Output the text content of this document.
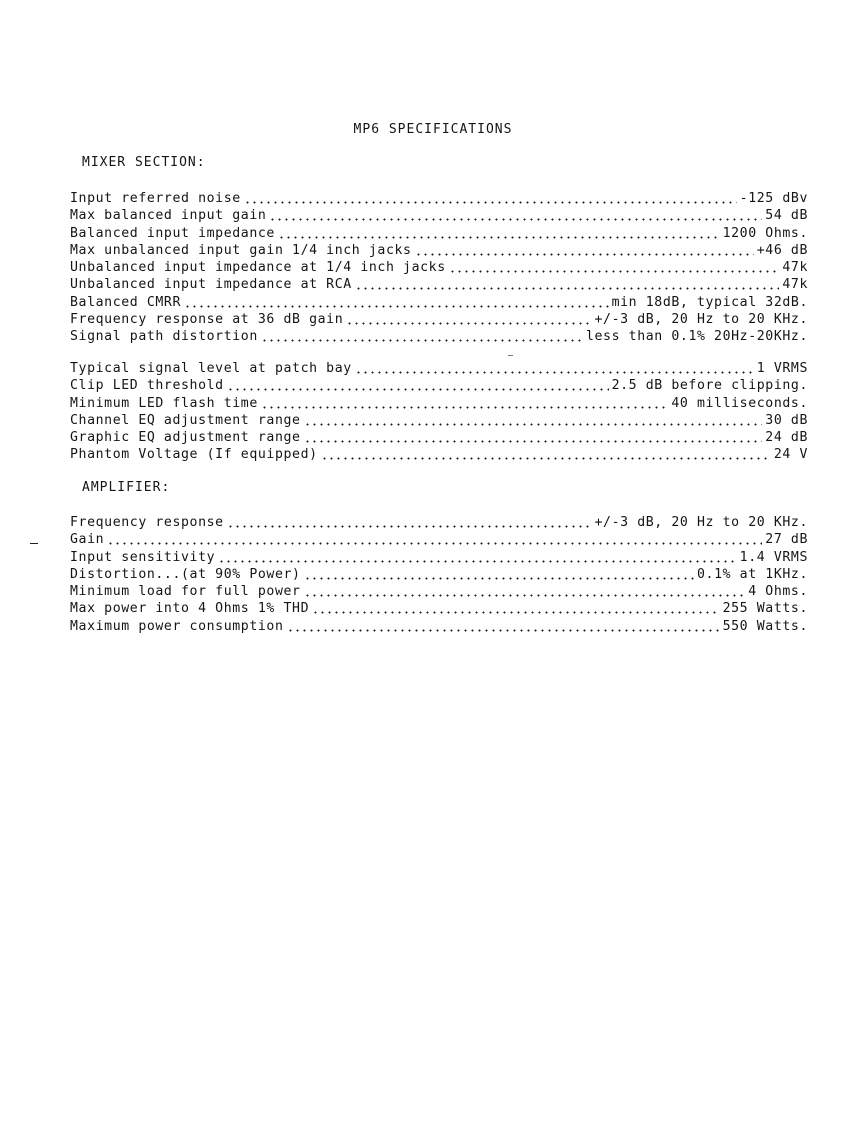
MP6 SPECIFICATIONS
MIXER SECTION:
Input referred noise	-125 dBv
Max balanced input gain	54 dB
Balanced input impedance	1200 Ohms.
Max unbalanced input gain 1/4 inch jacks	+46 dB
Unbalanced input impedance at 1/4 inch jacks	47k
Unbalanced input impedance at RCA	47k
Balanced CMRR	min 18dB, typical 32dB.
Frequency response at 36 dB gain	+/-3 dB, 20 Hz to 20 KHz.
Signal path distortion	less than 0.1% 20Hz-20KHz.
Typical signal level at patch bay	1 VRMS
Clip LED threshold	2.5 dB before clipping.
Minimum LED flash time	40 milliseconds.
Channel EQ adjustment range	30 dB
Graphic EQ adjustment range	24 dB
Phantom Voltage (If equipped)	24 V
AMPLIFIER:
Frequency response	+/-3 dB, 20 Hz to 20 KHz.
Gain	27 dB
Input sensitivity	1.4 VRMS
Distortion...(at 90% Power)	0.1% at 1KHz.
Minimum load for full power	4 Ohms.
Max power into 4 Ohms 1% THD	255 Watts.
Maximum power consumption	550 Watts.
